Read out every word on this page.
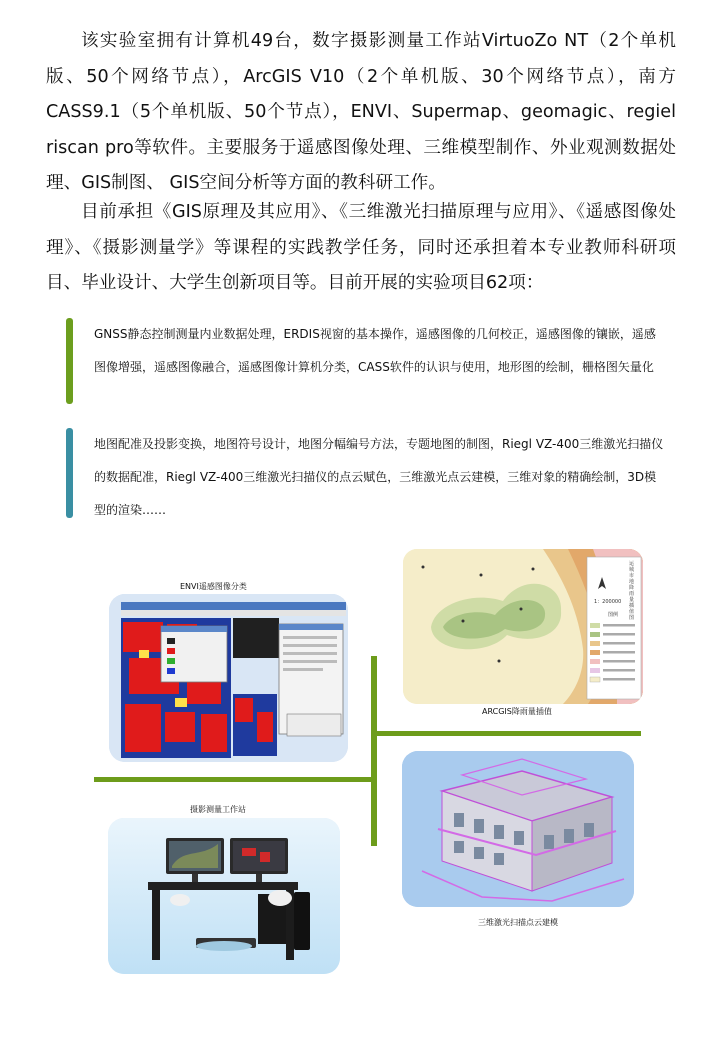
该实验室拥有计算机49台，数字摄影测量工作站VirtuoZo NT（2个单机版、50个网络节点），ArcGIS V10（2个单机版、30个网络节点），南方CASS9.1（5个单机版、50个节点），ENVI、Supermap、geomagic、regiel riscan pro等软件。主要服务于遥感图像处理、三维模型制作、外业观测数据处理、GIS制图、 GIS空间分析等方面的教科研工作。

目前承担《GIS原理及其应用》、《三维激光扫描原理与应用》、《遥感图像处理》、《摄影测量学》等课程的实践教学任务，同时还承担着本专业教师科研项目、毕业设计、大学生创新项目等。目前开展的实验项目62项：

GNSS静态控制测量内业数据处理，ERDIS视窗的基本操作，遥感图像的几何校正，遥感图像的镶嵌，遥感图像增强，遥感图像融合，遥感图像计算机分类，CASS软件的认识与使用，地形图的绘制，栅格图矢量化

地图配准及投影变换，地图符号设计，地图分幅编号方法，专题地图的制图，Riegl VZ-400三维激光扫描仪的数据配准，Riegl VZ-400三维激光扫描仪的点云赋色，三维激光点云建模，三维对象的精确绘制，3D模型的渲染……

ENVI遥感图像分类
运城市地降雨量插值图
1：200000
图例
ARCGIS降雨量插值
摄影测量工作站
三维激光扫描点云建模
